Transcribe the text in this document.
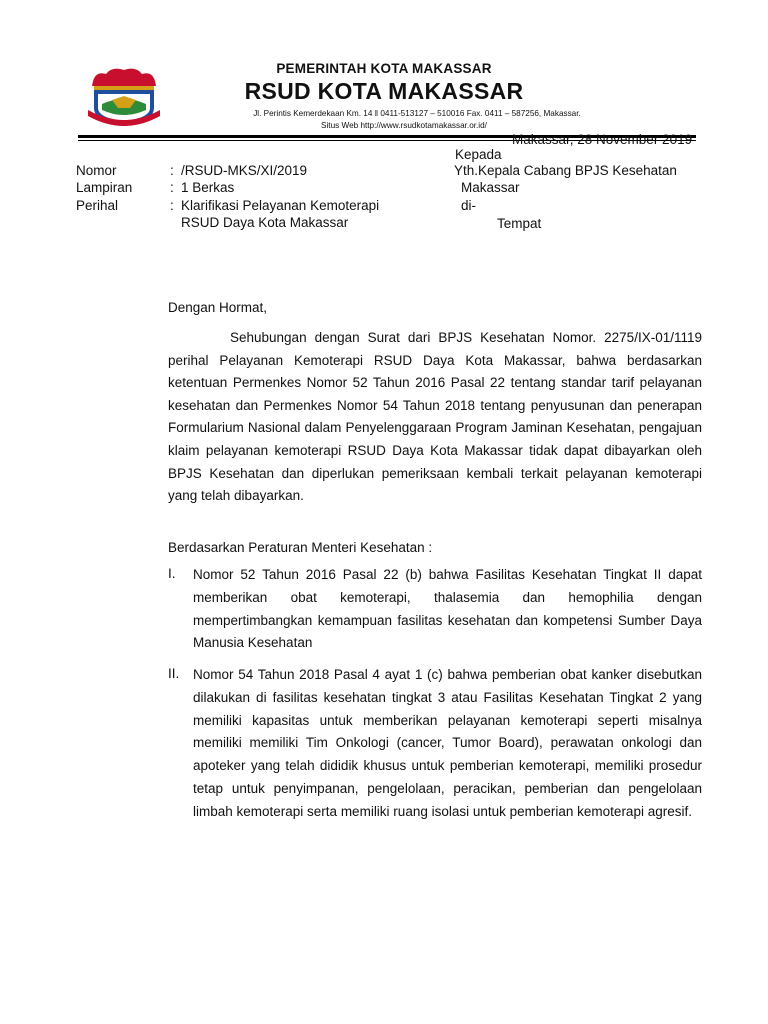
PEMERINTAH KOTA MAKASSAR
RSUD KOTA MAKASSAR
Jl. Perintis Kemerdekaan Km. 14 ǁ 0411-513127 – 510016 Fax. 0411 – 587256, Makassar.
Situs Web http://www.rsudkotamakassar.or.id/
Makassar, 28 November 2019
Kepada
Nomor	: /RSUD-MKS/XI/2019
Lampiran	: 1 Berkas
Perihal	: Klarifikasi Pelayanan Kemoterapi
RSUD Daya Kota Makassar
Yth.Kepala Cabang BPJS Kesehatan
Makassar
di-
Tempat
Dengan Hormat,
Sehubungan dengan Surat dari BPJS Kesehatan Nomor. 2275/IX-01/1119 perihal Pelayanan Kemoterapi RSUD Daya Kota Makassar, bahwa berdasarkan ketentuan Permenkes Nomor 52 Tahun 2016 Pasal 22 tentang standar tarif pelayanan kesehatan dan Permenkes Nomor 54 Tahun 2018 tentang penyusunan dan penerapan Formularium Nasional dalam Penyelenggaraan Program Jaminan Kesehatan, pengajuan klaim pelayanan kemoterapi RSUD Daya Kota Makassar tidak dapat dibayarkan oleh BPJS Kesehatan dan diperlukan pemeriksaan kembali terkait pelayanan kemoterapi yang telah dibayarkan.
Berdasarkan Peraturan Menteri Kesehatan :
I. Nomor 52 Tahun 2016 Pasal 22 (b) bahwa Fasilitas Kesehatan Tingkat II dapat memberikan obat kemoterapi, thalasemia dan hemophilia dengan mempertimbangkan kemampuan fasilitas kesehatan dan kompetensi Sumber Daya Manusia Kesehatan
II. Nomor 54 Tahun 2018 Pasal 4 ayat 1 (c) bahwa pemberian obat kanker disebutkan dilakukan di fasilitas kesehatan tingkat 3 atau Fasilitas Kesehatan Tingkat 2 yang memiliki kapasitas untuk memberikan pelayanan kemoterapi seperti misalnya memiliki memiliki Tim Onkologi (cancer, Tumor Board), perawatan onkologi dan apoteker yang telah dididik khusus untuk pemberian kemoterapi, memiliki prosedur tetap untuk penyimpanan, pengelolaan, peracikan, pemberian dan pengelolaan limbah kemoterapi serta memiliki ruang isolasi untuk pemberian kemoterapi agresif.
